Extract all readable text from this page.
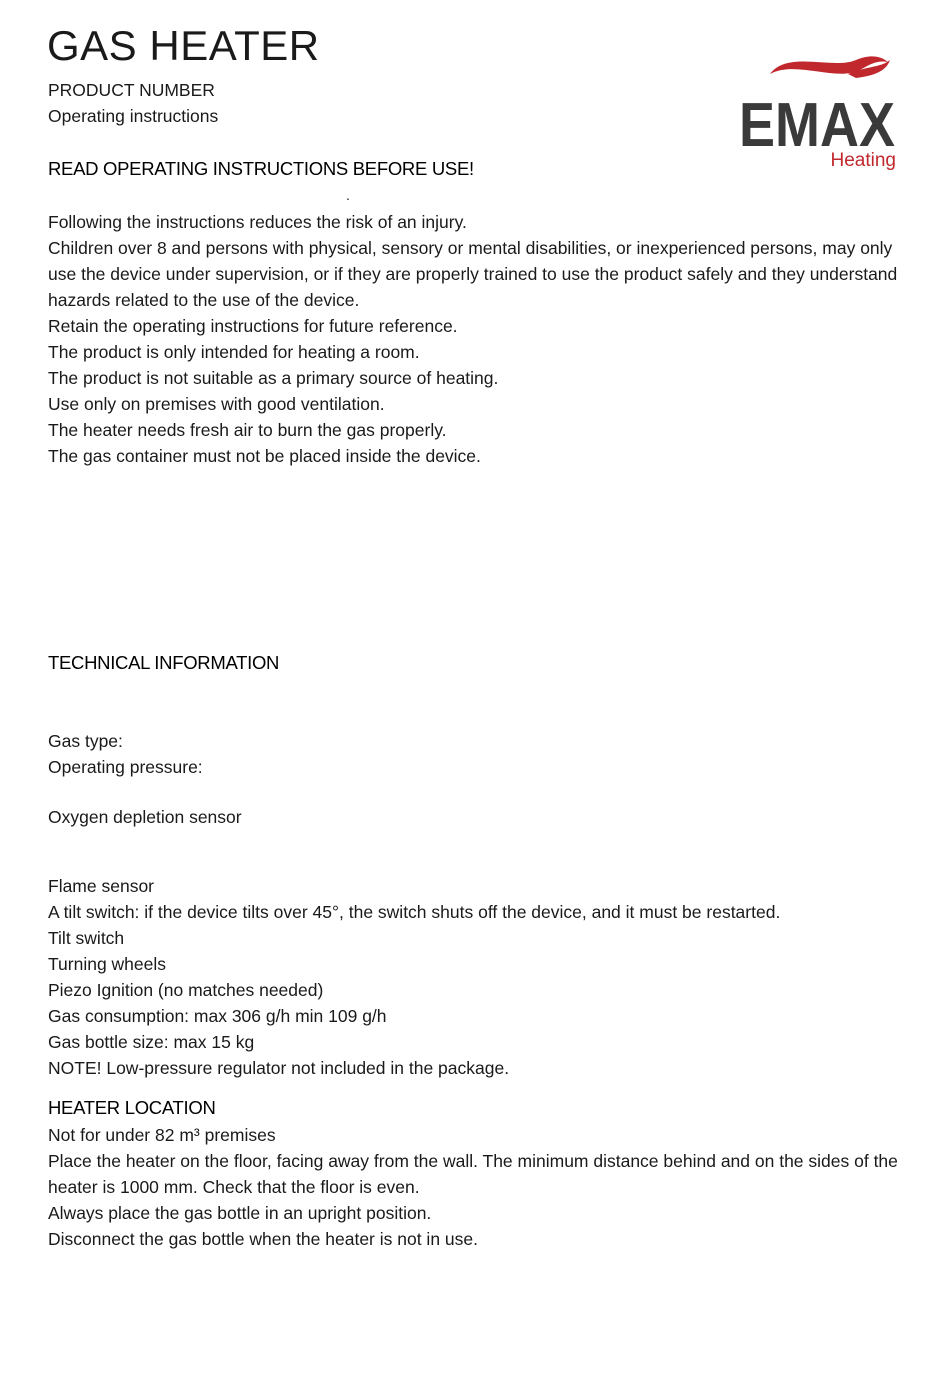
GAS HEATER
PRODUCT NUMBER
Operating instructions	EMAX
Heating
READ OPERATING INSTRUCTIONS BEFORE USE!
.

Following the instructions reduces the risk of an injury.

Children over 8 and persons with physical, sensory or mental disabilities, or inexperienced persons, may only use the device under supervision, or if they are properly trained to use the product safely and they understand hazards related to the use of the device.

Retain the operating instructions for future reference.

The product is only intended for heating a room.

The product is not suitable as a primary source of heating.

Use only on premises with good ventilation.

The heater needs fresh air to burn the gas properly.

The gas container must not be placed inside the device.

TECHNICAL INFORMATION
Gas type:
Operating pressure:
Oxygen depletion sensor

Flame sensor

A tilt switch: if the device tilts over 45°, the switch shuts off the device, and it must be restarted.

Tilt switch

Turning wheels

Piezo Ignition (no matches needed)

Gas consumption: max 306 g/h min 109 g/h

Gas bottle size: max 15 kg

NOTE! Low-pressure regulator not included in the package.

HEATER LOCATION

Not for under 82 m³ premises

Place the heater on the floor, facing away from the wall. The minimum distance behind and on the sides of the heater is 1000 mm. Check that the floor is even.

Always place the gas bottle in an upright position.

Disconnect the gas bottle when the heater is not in use.
